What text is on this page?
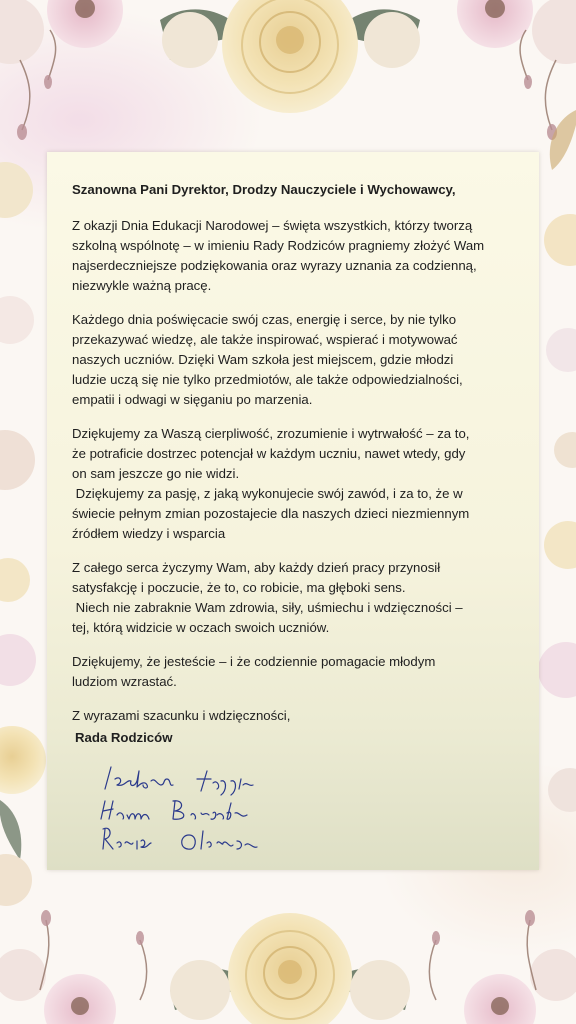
Szanowna Pani Dyrektor, Drodzy Nauczyciele i Wychowawcy,
Z okazji Dnia Edukacji Narodowej – święta wszystkich, którzy tworzą
szkolną wspólnotę – w imieniu Rady Rodziców pragniemy złożyć Wam
najserdeczniejsze podziękowania oraz wyrazy uznania za codzienną,
niezwykle ważną pracę.
Każdego dnia poświęcacie swój czas, energię i serce, by nie tylko
przekazywać wiedzę, ale także inspirować, wspierać i motywować
naszych uczniów. Dzięki Wam szkoła jest miejscem, gdzie młodzi
ludzie uczą się nie tylko przedmiotów, ale także odpowiedzialności,
empatii i odwagi w sięganiu po marzenia.
Dziękujemy za Waszą cierpliwość, zrozumienie i wytrwałość – za to,
że potraficie dostrzec potencjał w każdym uczniu, nawet wtedy, gdy
on sam jeszcze go nie widzi.
Dziękujemy za pasję, z jaką wykonujecie swój zawód, i za to, że w
świecie pełnym zmian pozostajecie dla naszych dzieci niezmiennym
źródłem wiedzy i wsparcia
Z całego serca życzymy Wam, aby każdy dzień pracy przynosił
satysfakcję i poczucie, że to, co robicie, ma głęboki sens.
Niech nie zabraknie Wam zdrowia, siły, uśmiechu i wdzięczności –
tej, którą widzicie w oczach swoich uczniów.
Dziękujemy, że jesteście – i że codziennie pomagacie młodym
ludziom wzrastać.
Z wyrazami szacunku i wdzięczności,
Rada Rodziców
